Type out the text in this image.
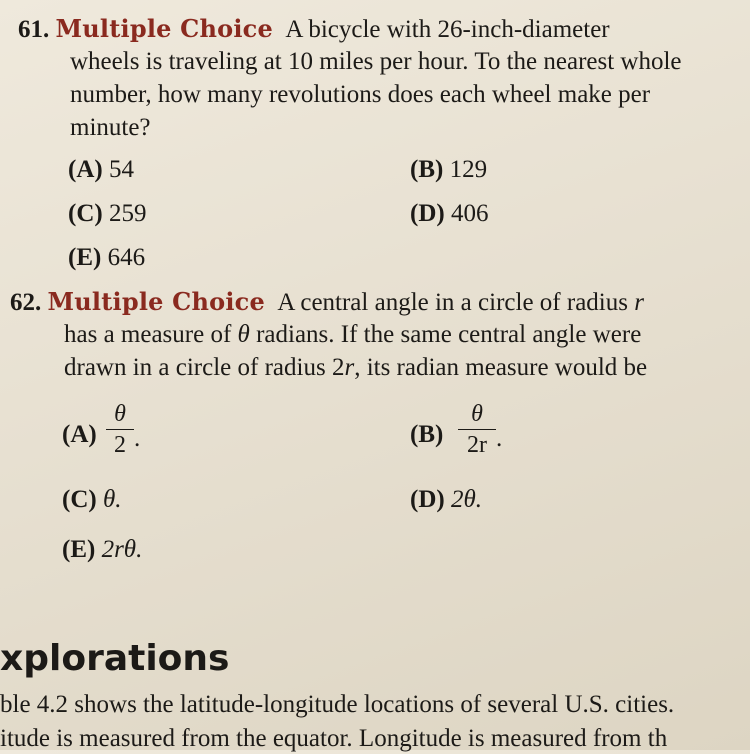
61. Multiple Choice A bicycle with 26-inch-diameter
wheels is traveling at 10 miles per hour. To the nearest whole
number, how many revolutions does each wheel make per
minute?
(A) 54	(B) 129
(C) 259	(D) 406
(E) 646
62. Multiple Choice A central angle in a circle of radius r
has a measure of θ radians. If the same central angle were
drawn in a circle of radius 2r, its radian measure would be
(A)
θ
2 .	(B)
θ
2r .
(C) θ.	(D) 2θ.
(E) 2rθ.
xplorations
ble 4.2 shows the latitude-longitude locations of several U.S. cities.
itude is measured from the equator. Longitude is measured from th
